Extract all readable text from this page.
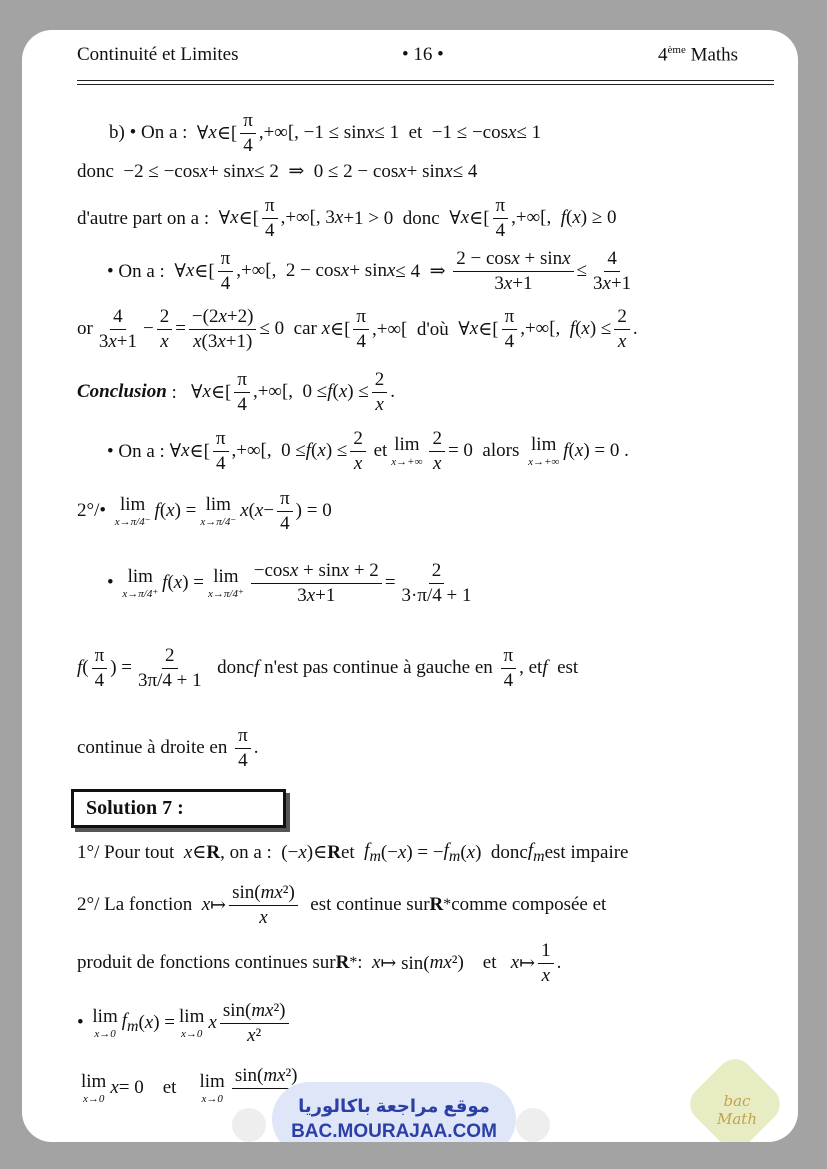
Continuité et Limites	• 16 •	4ème Maths
b) • On a : ∀ x ∈[
π
4
,+∞[, −1 ≤ sin x ≤ 1  et  −1 ≤ −cos x ≤ 1
donc  −2 ≤ −cos x + sin x ≤ 2  ⇒  0 ≤ 2 − cos x + sin x ≤ 4
d'autre part on a :  ∀ x ∈[
π
4
,+∞[, 3 x +1 > 0  donc  ∀ x ∈[
π
4
,+∞[, f ( x ) ≥ 0
• On a :  ∀ x ∈[
π
4
,+∞[,  2 − cos x + sin x ≤ 4  ⇒
2 − cosx + sinx
3x+1
≤
4
3x+1
or
4
3x+1
−
2
x
=
−(2x+2)
x(3x+1)
≤ 0  car x ∈[
π
4
,+∞[  d'où  ∀ x ∈[
π
4
,+∞[, f ( x ) ≤
2
x
.
Conclusion :   ∀ x ∈[
π
4
,+∞[,  0 ≤ f ( x ) ≤
2
x
.
• On a : ∀ x ∈[
π
4
,+∞[,  0 ≤ f ( x ) ≤
2
x
et lim
x→+∞
2
x
= 0  alors lim
x→+∞
f ( x ) = 0 .
2°/• lim
x→π/4⁻
f ( x ) = lim
x→π/4⁻
x ( x −
π
4
) = 0
• lim
x→π/4⁺
f ( x ) = lim
x→π/4⁺
−cosx + sinx + 2
3x+1
=
2
3·π/4 + 1
f (
π
4
) =
2
3π/4 + 1
donc f n'est pas continue à gauche en
π
4
, et f est
continue à droite en
π
4
.
Solution 7 :
1°/ Pour tout x ∈ R , on a :  (− x )∈ R et $f_m$ (− x ) = − $f_m$ ( x )  donc $f_m$ est impaire
2°/ La fonction x ↦
sin(mx²)
x
est continue sur R * comme composée et
produit de fonctions continues sur R * : x ↦ sin( mx ²)    et x ↦
1
x
.
• lim
x→0
$f_m$ ( x ) = lim
x→0
x
sin(mx²)
x²
lim
x→0
x = 0    et lim
x→0
sin(mx²)

موقع مراجعة باكالوريا
BAC.MOURAJAA.COM
bac Math
